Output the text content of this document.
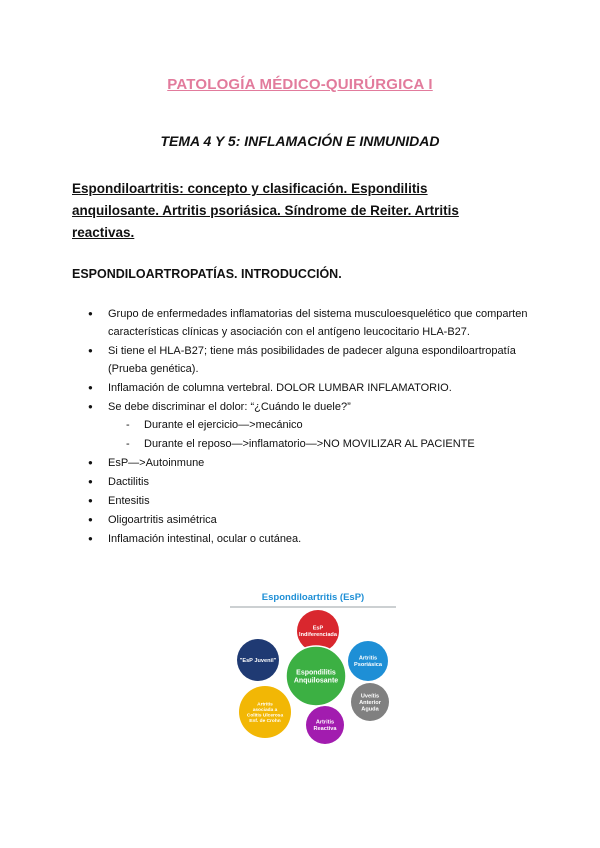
PATOLOGÍA MÉDICO-QUIRÚRGICA I
TEMA 4 Y 5: INFLAMACIÓN E INMUNIDAD
Espondiloartritis: concepto y clasificación. Espondilitis anquilosante. Artritis psoriásica. Síndrome de Reiter. Artritis reactivas.
ESPONDILOARTROPATÍAS. INTRODUCCIÓN.
● Grupo de enfermedades inflamatorias del sistema musculoesquelético que comparten características clínicas y asociación con el antígeno leucocitario HLA-B27.
● Si tiene el HLA-B27; tiene más posibilidades de padecer alguna espondiloartropatía (Prueba genética).
● Inflamación de columna vertebral. DOLOR LUMBAR INFLAMATORIO.
● Se debe discriminar el dolor: “¿Cuándo le duele?”
- Durante el ejercicio—>mecánico
- Durante el reposo—>inflamatorio—>NO MOVILIZAR AL PACIENTE
● EsP—>Autoinmune
● Dactilitis
● Entesitis
● Oligoartritis asimétrica
● Inflamación intestinal, ocular o cutánea.
Espondiloartritis (EsP)
EsP Indiferenciada
Artritis Psoriásica
Uveítis Anterior Aguda
Artritis Reactiva
Artritis asociada a Colitis Ulcerosa Enf. de Crohn
"EsP Juvenil"
Espondilitis Anquilosante
